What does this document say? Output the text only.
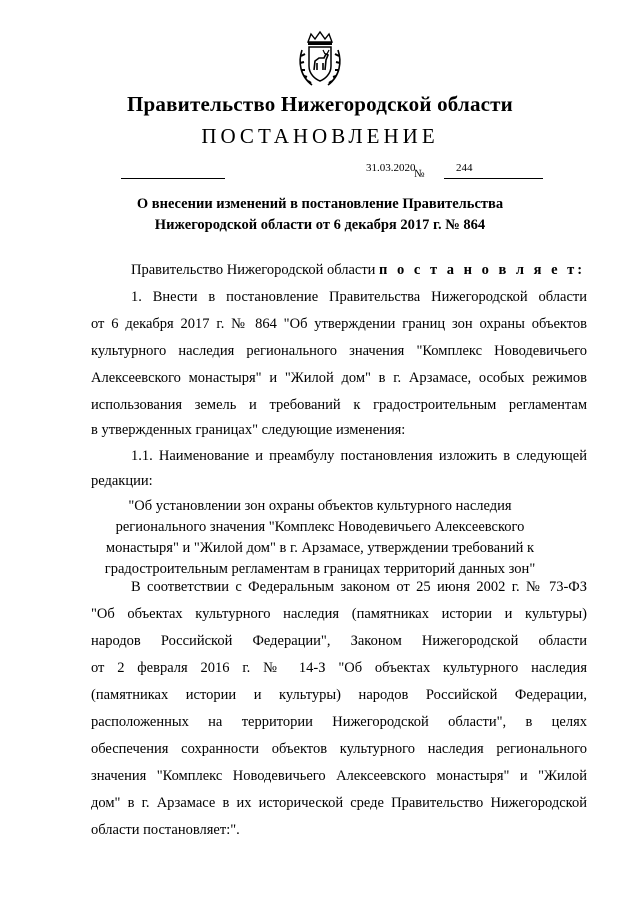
Правительство Нижегородской области
ПОСТАНОВЛЕНИЕ
31.03.2020
№	244
О внесении изменений в постановление Правительства
Нижегородской области от 6 декабря 2017 г. № 864
Правительство Нижегородской области п о с т а н о в л я е т:
1. Внести в постановление Правительства Нижегородской области
от 6 декабря 2017 г. № 864 "Об утверждении границ зон охраны объектов
культурного наследия регионального значения "Комплекс Новодевичьего
Алексеевского монастыря" и "Жилой дом" в г. Арзамасе, особых режимов
использования земель и требований к градостроительным регламентам
в утвержденных границах" следующие изменения:
1.1. Наименование и преамбулу постановления изложить в следующей
редакции:
"Об установлении зон охраны объектов культурного наследия
регионального значения "Комплекс Новодевичьего Алексеевского
монастыря" и "Жилой дом" в г. Арзамасе, утверждении требований к
градостроительным регламентам в границах территорий данных зон"
В соответствии с Федеральным законом от 25 июня 2002 г. № 73-ФЗ
"Об объектах культурного наследия (памятниках истории и культуры)
народов Российской Федерации", Законом Нижегородской области
от 2 февраля 2016 г. № 14-З "Об объектах культурного наследия
(памятниках истории и культуры) народов Российской Федерации,
расположенных на территории Нижегородской области", в целях
обеспечения сохранности объектов культурного наследия регионального
значения "Комплекс Новодевичьего Алексеевского монастыря" и "Жилой
дом" в г. Арзамасе в их исторической среде Правительство Нижегородской
области постановляет:".
